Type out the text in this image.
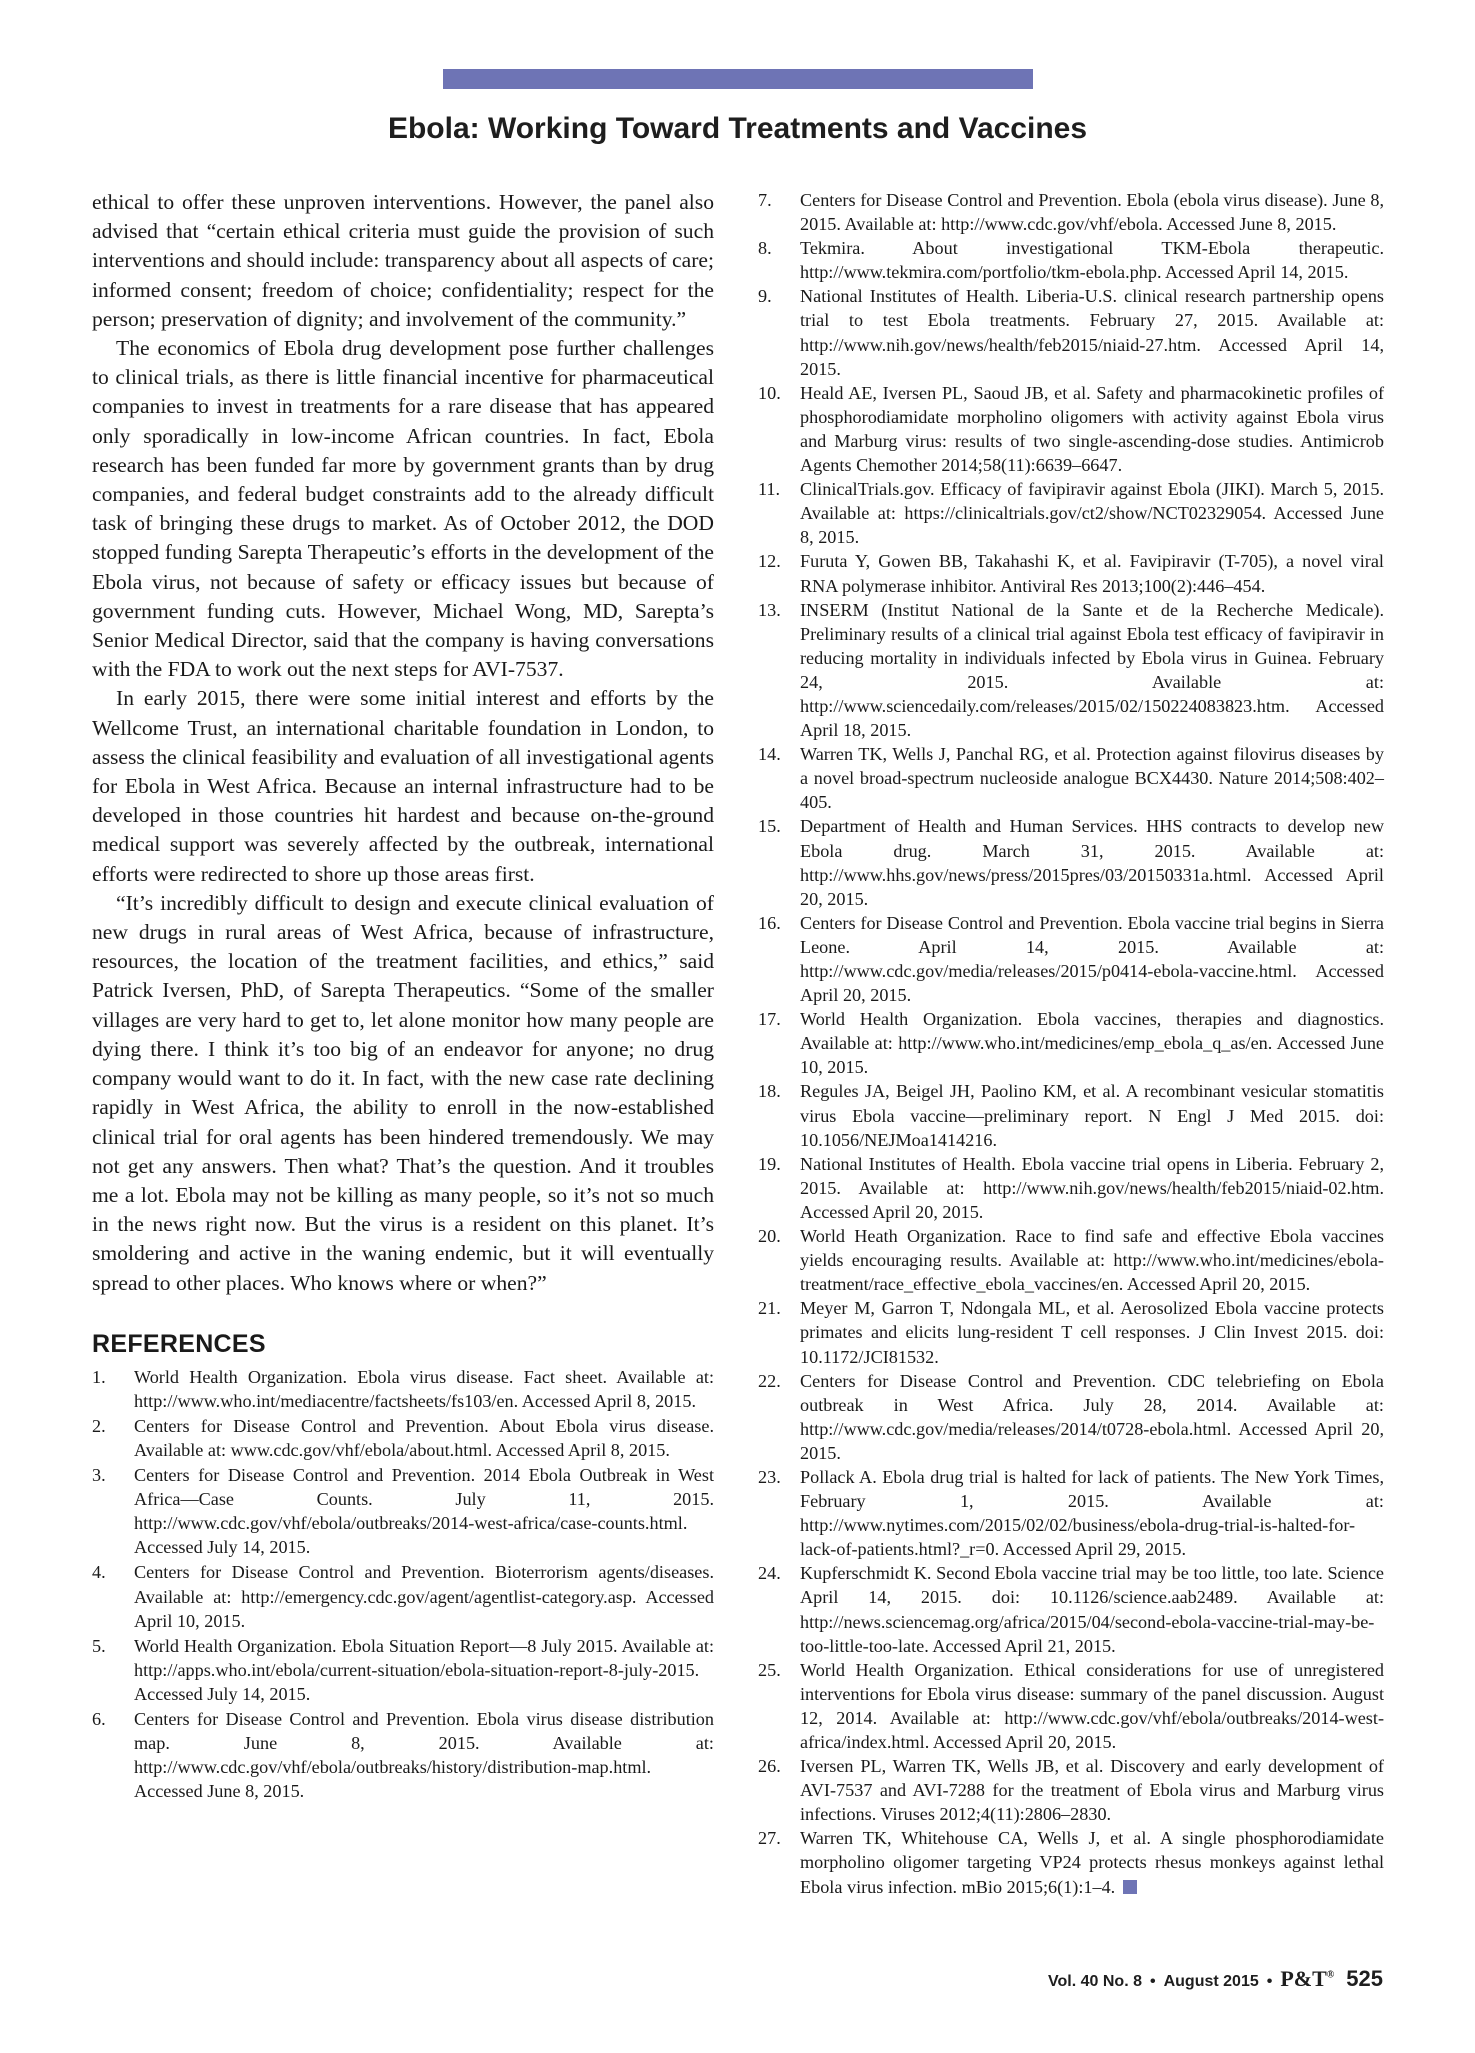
Ebola: Working Toward Treatments and Vaccines

ethical to offer these unproven interventions. However, the panel also advised that “certain ethical criteria must guide the provision of such interventions and should include: transparency about all aspects of care; informed consent; freedom of choice; confidentiality; respect for the person; preservation of dignity; and involvement of the community.”

The economics of Ebola drug development pose further challenges to clinical trials, as there is little financial incentive for pharmaceutical companies to invest in treatments for a rare disease that has appeared only sporadically in low-income African countries. In fact, Ebola research has been funded far more by government grants than by drug companies, and federal budget constraints add to the already difficult task of bringing these drugs to market. As of October 2012, the DOD stopped funding Sarepta Therapeutic’s efforts in the development of the Ebola virus, not because of safety or efficacy issues but because of government funding cuts. However, Michael Wong, MD, Sarepta’s Senior Medical Director, said that the company is having conversations with the FDA to work out the next steps for AVI-7537.

In early 2015, there were some initial interest and efforts by the Wellcome Trust, an international charitable foundation in London, to assess the clinical feasibility and evaluation of all investigational agents for Ebola in West Africa. Because an internal infrastructure had to be developed in those countries hit hardest and because on-the-ground medical support was severely affected by the outbreak, international efforts were redirected to shore up those areas first.

“It’s incredibly difficult to design and execute clinical evaluation of new drugs in rural areas of West Africa, because of infrastructure, resources, the location of the treatment facilities, and ethics,” said Patrick Iversen, PhD, of Sarepta Therapeutics. “Some of the smaller villages are very hard to get to, let alone monitor how many people are dying there. I think it’s too big of an endeavor for anyone; no drug company would want to do it. In fact, with the new case rate declining rapidly in West Africa, the ability to enroll in the now-established clinical trial for oral agents has been hindered tremendously. We may not get any answers. Then what? That’s the question. And it troubles me a lot. Ebola may not be killing as many people, so it’s not so much in the news right now. But the virus is a resident on this planet. It’s smoldering and active in the waning endemic, but it will eventually spread to other places. Who knows where or when?”

REFERENCES
1.	World Health Organization. Ebola virus disease. Fact sheet. Available at: http://www.who.int/mediacentre/factsheets/fs103/en. Accessed April 8, 2015.
2.	Centers for Disease Control and Prevention. About Ebola virus disease. Available at: www.cdc.gov/vhf/ebola/about.html. Accessed April 8, 2015.
3.	Centers for Disease Control and Prevention. 2014 Ebola Outbreak in West Africa—Case Counts. July 11, 2015. http://www.cdc.gov/vhf/ebola/outbreaks/2014-west-africa/case-counts.html. Accessed July 14, 2015.
4.	Centers for Disease Control and Prevention. Bioterrorism agents/diseases. Available at: http://emergency.cdc.gov/agent/agentlist-category.asp. Accessed April 10, 2015.
5.	World Health Organization. Ebola Situation Report—8 July 2015. Available at: http://apps.who.int/ebola/current-situation/ebola-situation-report-8-july-2015. Accessed July 14, 2015.
6.	Centers for Disease Control and Prevention. Ebola virus disease distribution map. June 8, 2015. Available at: http://www.cdc.gov/vhf/ebola/outbreaks/history/distribution-map.html. Accessed June 8, 2015.
7.	Centers for Disease Control and Prevention. Ebola (ebola virus disease). June 8, 2015. Available at: http://www.cdc.gov/vhf/ebola. Accessed June 8, 2015.
8.	Tekmira. About investigational TKM-Ebola therapeutic. http://www.tekmira.com/portfolio/tkm-ebola.php. Accessed April 14, 2015.
9.	National Institutes of Health. Liberia-U.S. clinical research partnership opens trial to test Ebola treatments. February 27, 2015. Available at: http://www.nih.gov/news/health/feb2015/niaid-27.htm. Accessed April 14, 2015.
10.	Heald AE, Iversen PL, Saoud JB, et al. Safety and pharmacokinetic profiles of phosphorodiamidate morpholino oligomers with activity against Ebola virus and Marburg virus: results of two single-ascending-dose studies. Antimicrob Agents Chemother 2014;58(11):6639–6647.
11.	ClinicalTrials.gov. Efficacy of favipiravir against Ebola (JIKI). March 5, 2015. Available at: https://clinicaltrials.gov/ct2/show/NCT02329054. Accessed June 8, 2015.
12.	Furuta Y, Gowen BB, Takahashi K, et al. Favipiravir (T-705), a novel viral RNA polymerase inhibitor. Antiviral Res 2013;100(2):446–454.
13.	INSERM (Institut National de la Sante et de la Recherche Medicale). Preliminary results of a clinical trial against Ebola test efficacy of favipiravir in reducing mortality in individuals infected by Ebola virus in Guinea. February 24, 2015. Available at: http://www.sciencedaily.com/releases/2015/02/150224083823.htm. Accessed April 18, 2015.
14.	Warren TK, Wells J, Panchal RG, et al. Protection against filovirus diseases by a novel broad-spectrum nucleoside analogue BCX4430. Nature 2014;508:402–405.
15.	Department of Health and Human Services. HHS contracts to develop new Ebola drug. March 31, 2015. Available at: http://www.hhs.gov/news/press/2015pres/03/20150331a.html. Accessed April 20, 2015.
16.	Centers for Disease Control and Prevention. Ebola vaccine trial begins in Sierra Leone. April 14, 2015. Available at: http://www.cdc.gov/media/releases/2015/p0414-ebola-vaccine.html. Accessed April 20, 2015.
17.	World Health Organization. Ebola vaccines, therapies and diagnostics. Available at: http://www.who.int/medicines/emp_ebola_q_as/en. Accessed June 10, 2015.
18.	Regules JA, Beigel JH, Paolino KM, et al. A recombinant vesicular stomatitis virus Ebola vaccine—preliminary report. N Engl J Med 2015. doi: 10.1056/NEJMoa1414216.
19.	National Institutes of Health. Ebola vaccine trial opens in Liberia. February 2, 2015. Available at: http://www.nih.gov/news/health/feb2015/niaid-02.htm. Accessed April 20, 2015.
20.	World Heath Organization. Race to find safe and effective Ebola vaccines yields encouraging results. Available at: http://www.who.int/medicines/ebola-treatment/race_effective_ebola_vaccines/en. Accessed April 20, 2015.
21.	Meyer M, Garron T, Ndongala ML, et al. Aerosolized Ebola vaccine protects primates and elicits lung-resident T cell responses. J Clin Invest 2015. doi: 10.1172/JCI81532.
22.	Centers for Disease Control and Prevention. CDC telebriefing on Ebola outbreak in West Africa. July 28, 2014. Available at: http://www.cdc.gov/media/releases/2014/t0728-ebola.html. Accessed April 20, 2015.
23.	Pollack A. Ebola drug trial is halted for lack of patients. The New York Times, February 1, 2015. Available at: http://www.nytimes.com/2015/02/02/business/ebola-drug-trial-is-halted-for-lack-of-patients.html?_r=0. Accessed April 29, 2015.
24.	Kupferschmidt K. Second Ebola vaccine trial may be too little, too late. Science April 14, 2015. doi: 10.1126/science.aab2489. Available at: http://news.sciencemag.org/africa/2015/04/second-ebola-vaccine-trial-may-be-too-little-too-late. Accessed April 21, 2015.
25.	World Health Organization. Ethical considerations for use of unregistered interventions for Ebola virus disease: summary of the panel discussion. August 12, 2014. Available at: http://www.cdc.gov/vhf/ebola/outbreaks/2014-west-africa/index.html. Accessed April 20, 2015.
26.	Iversen PL, Warren TK, Wells JB, et al. Discovery and early development of AVI-7537 and AVI-7288 for the treatment of Ebola virus and Marburg virus infections. Viruses 2012;4(11):2806–2830.
27.	Warren TK, Whitehouse CA, Wells J, et al. A single phosphorodiamidate morpholino oligomer targeting VP24 protects rhesus monkeys against lethal Ebola virus infection. mBio 2015;6(1):1–4.
Vol. 40 No. 8 • August 2015 • P&T® 525
